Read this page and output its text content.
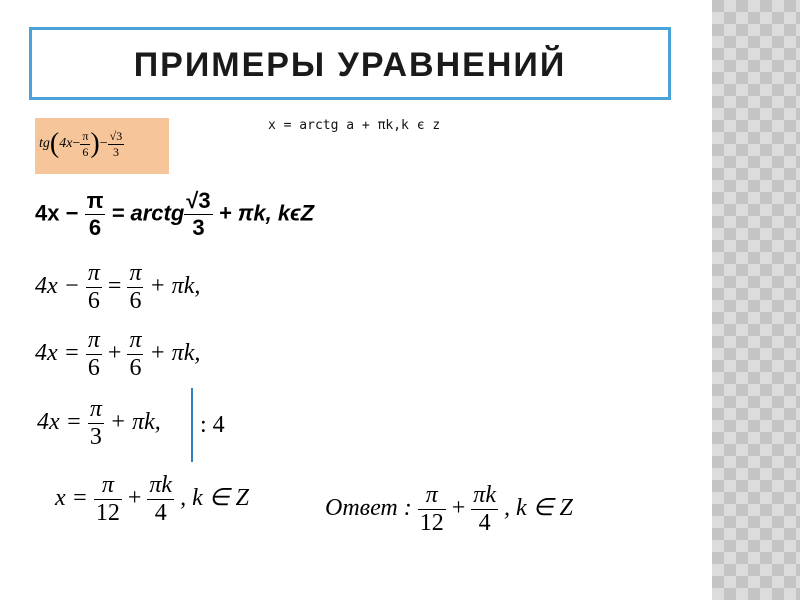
ПРИМЕРЫ УРАВНЕНИЙ
x = arctg a + πk,k є z
$tg(4x- \frac{\pi}{6}$ )− $\frac{√3}{3}$
$4x - \frac{\pi}{6}$ = arctg $\frac{√3}{3} + \pi k$, kϵZ
$4x - \frac{\pi}{6} = \frac{\pi}{6} + \pi k$,
$4x = \frac{\pi}{6} + \frac{\pi}{6} + \pi k$,
$4x = \frac{\pi}{3} + \pi k$, : 4
$x = \frac{\pi}{12} + \frac{\pi k}{4}$ , k ∈ Z	Ответ : $\frac{\pi}{12} + \frac{\pi k}{4}$ , k ∈ Z
